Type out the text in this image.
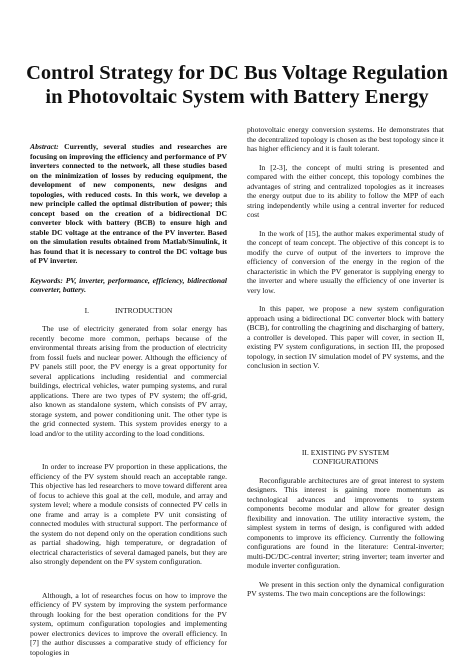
Control Strategy for DC Bus Voltage Regulation
in Photovoltaic System with Battery Energy

Abstract: Currently, several studies and researches are focusing on improving the efficiency and performance of PV inverters connected to the network, all these studies based on the minimization of losses by reducing equipment, the development of new components, new designs and topologies, with reduced costs. In this work, we develop a new principle called the optimal distribution of power; this concept based on the creation of a bidirectional DC converter block with battery (BCB) to ensure high and stable DC voltage at the entrance of the PV inverter. Based on the simulation results obtained from Matlab/Simulink, it has found that it is necessary to control the DC voltage bus of PV inverter.

Keywords: PV, inverter, performance, efficiency, bidirectional converter, battery.

I.	INTRODUCTION

The use of electricity generated from solar energy has recently become more common, perhaps because of the environmental threats arising from the production of electricity from fossil fuels and nuclear power. Although the efficiency of PV panels still poor, the PV energy is a great opportunity for several applications including residential and commercial buildings, electrical vehicles, water pumping systems, and rural applications. There are two types of PV system; the off-grid, also known as standalone system, which consists of PV array, storage system, and power conditioning unit. The other type is the grid connected system. This system provides energy to a load and/or to the utility according to the load conditions.

In order to increase PV proportion in these applications, the efficiency of the PV system should reach an acceptable range. This objective has led researchers to move toward different area of focus to achieve this goal at the cell, module, and array and system level; where a module consists of connected PV cells in one frame and array is a complete PV unit consisting of connected modules with structural support. The performance of the system do not depend only on the operation conditions such as partial shadowing, high temperature, or degradation of electrical characteristics of several damaged panels, but they are also strongly dependent on the PV system configuration.

Although, a lot of researches focus on how to improve the efficiency of PV system by improving the system performance through looking for the best operation conditions for the PV system, optimum configuration topologies and implementing power electronics devices to improve the overall efficiency. In [7] the author discusses a comparative study of efficiency for topologies in

photovoltaic energy conversion systems. He demonstrates that the decentralized topology is chosen as the best topology since it has higher efficiency and it is fault tolerant.

In [2-3], the concept of multi string is presented and compared with the either concept, this topology combines the advantages of string and centralized topologies as it increases the energy output due to its ability to follow the MPP of each string independently while using a central inverter for reduced cost

In the work of [15], the author makes experimental study of the concept of team concept. The objective of this concept is to modify the curve of output of the inverters to improve the efficiency of conversion of the energy in the region of the characteristic in which the PV generator is supplying energy to the inverter and where usually the efficiency of one inverter is very low.

In this paper, we propose a new system configuration approach using a bidirectional DC converter block with battery (BCB), for controlling the chagrining and discharging of battery, a controller is developed. This paper will cover, in section II, existing PV system configurations, in section III, the proposed topology, in section IV simulation model of PV systems, and the conclusion in section V.

II. EXISTING PV SYSTEM
CONFIGURATIONS

Reconfigurable architectures are of great interest to system designers. This interest is gaining more momentum as technological advances and improvements to system components become modular and allow for greater design flexibility and innovation. The utility interactive system, the simplest system in terms of design, is configured with added components to improve its efficiency. Currently the following configurations are found in the literature: Central-inverter; multi-DC/DC-central inverter; string inverter; team inverter and module inverter configuration.

We present in this section only the dynamical configuration PV systems. The two main conceptions are the followings:
